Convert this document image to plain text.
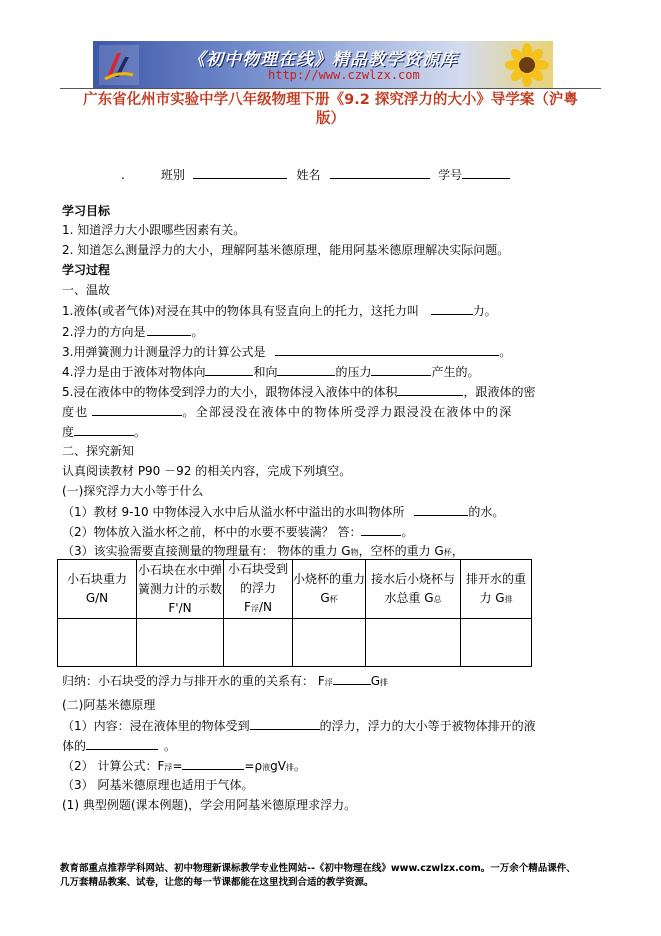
《初中物理在线》精品教学资源库
http://www.czwlzx.com
广东省化州市实验中学八年级物理下册《9.2 探究浮力的大小》导学案（沪粤
版）
.	班别	姓名	学号
学习目标
1. 知道浮力大小跟哪些因素有关。
2. 知道怎么测量浮力的大小，理解阿基米德原理，能用阿基米德原理解决实际问题。
学习过程
一、温故
1.液体(或者气体)对浸在其中的物体具有竖直向上的托力，这托力叫	力。
2.浮力的方向是	。
3.用弹簧测力计测量浮力的计算公式是	。
4.浮力是由于液体对物体向	和向	的压力	产生的。
5.浸在液体中的物体受到浮力的大小，跟物体浸入液体中的体积	，跟液体的密
度也	。全部浸没在液体中的物体所受浮力跟浸没在液体中的深
度	。
二、探究新知
认真阅读教材 P90 －92 的相关内容，完成下列填空。
(一)探究浮力大小等于什么
（1）教材 9-10 中物体浸入水中后从溢水杯中溢出的水叫物体所	的水。
（2）物体放入溢水杯之前，杯中的水要不要装满？ 答：	。
（3）该实验需要直接测量的物理量有： 物体的重力 G物，空杯的重力 G杯，
小石块重力 G/N	小石块在水中弹簧测力计的示数 F'/N	小石块受到的浮力
F浮/N	小烧杯的重力 G杯	接水后小烧杯与水总重 G总	排开水的重力 G排

归纳：小石块受的浮力与排开水的重的关系有： F浮	G排
(二)阿基米德原理
（1）内容：浸在液体里的物体受到	的浮力，浮力的大小等于被物体排开的液
体的	。
（2） 计算公式：F浮=	=ρ液gV排。
（3） 阿基米德原理也适用于气体。
(1) 典型例题(课本例题)，学会用阿基米德原理求浮力。
教育部重点推荐学科网站、初中物理新课标教学专业性网站--《初中物理在线》www.czwlzx.com。一万余个精品课件、
几万套精品教案、试卷，让您的每一节课都能在这里找到合适的教学资源。
